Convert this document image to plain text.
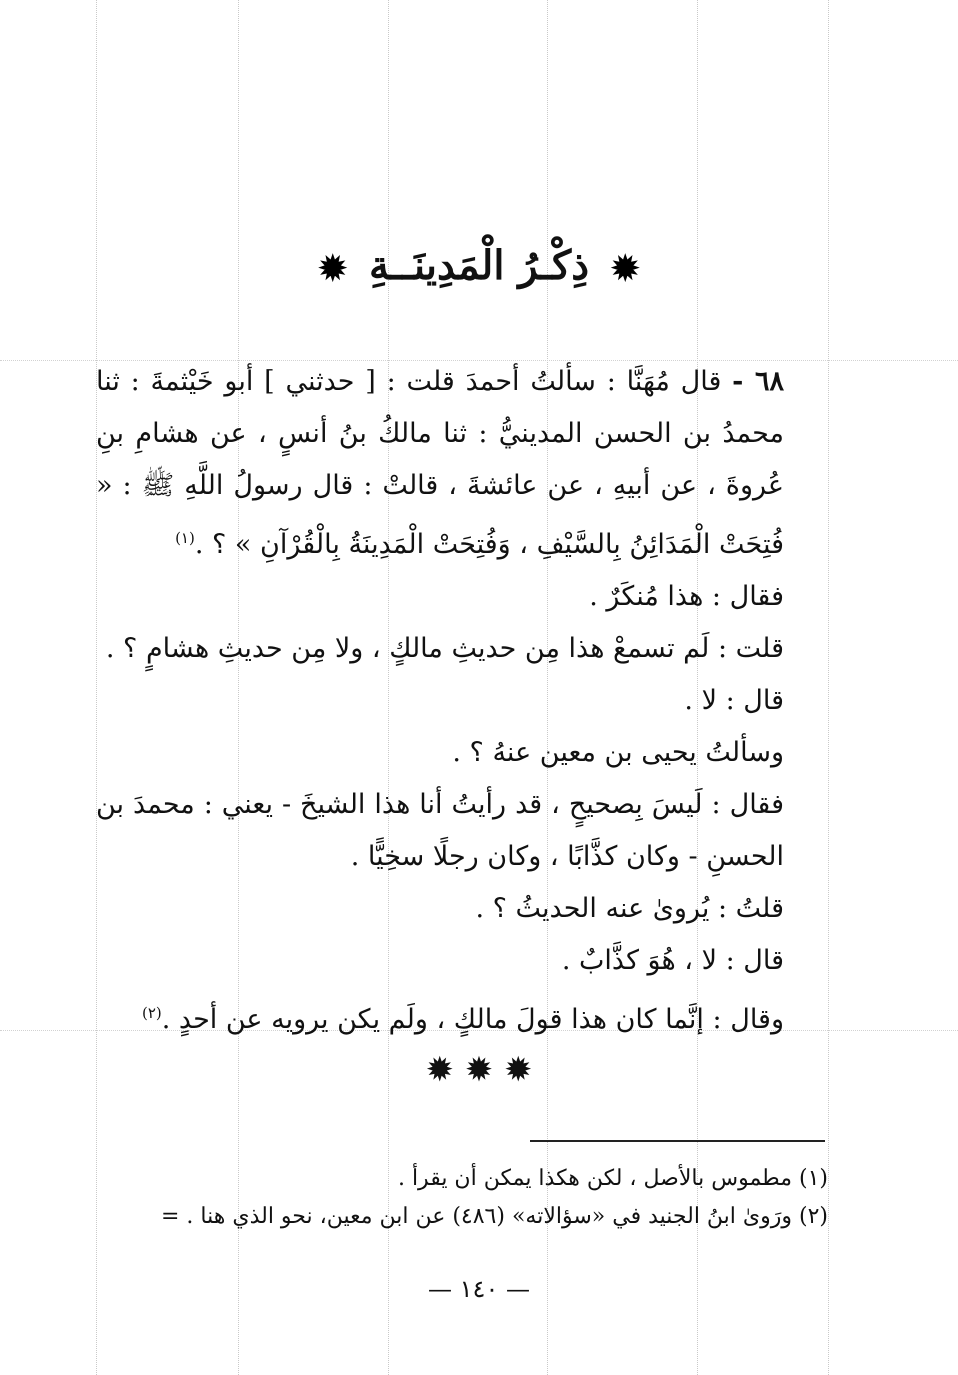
✹ ذِكْـرُ الْمَدِينَــةِ ✹

٦٨ - قال مُهَنَّا : سألتُ أحمدَ قلت : [ حدثني ] أبو خَيْثمةَ : ثنا محمدُ بن الحسن المدينيُّ : ثنا مالكُ بنُ أنسٍ ، عن هشامِ بنِ عُروةَ ، عن أبيهِ ، عن عائشةَ ، قالتْ : قال رسولُ اللَّهِ ﷺ : « فُتِحَتْ الْمَدَائِنُ بِالسَّيْفِ ، وَفُتِحَتْ الْمَدِينَةُ بِالْقُرْآنِ » ؟ .$^{(١)}$

فقال : هذا مُنكَرٌ .

قلت : لَم تسمعْ هذا مِن حديثِ مالكٍ ، ولا مِن حديثِ هشامٍ ؟ .

قال : لا .

وسألتُ يحيى بن معين عنهُ ؟ .

فقال : لَيسَ بِصحيحٍ ، قد رأيتُ أنا هذا الشيخَ - يعني : محمدَ بن الحسنِ - وكان كذَّابًا ، وكان رجلًا سخِيًّا .

قلتُ : يُروىٰ عنه الحديثُ ؟ .

قال : لا ، هُوَ كذَّابٌ .

وقال : إنَّما كان هذا قولَ مالكٍ ، ولَم يكن يرويه عن أحدٍ .$^{(٢)}$

✹ ✹ ✹

(١) مطموس بالأصل ، لكن هكذا يمكن أن يقرأ .

(٢) ورَوىٰ ابنُ الجنيد في «سؤالاته» (٤٨٦) عن ابن معين، نحو الذي هنا . =

— ١٤٠ —
